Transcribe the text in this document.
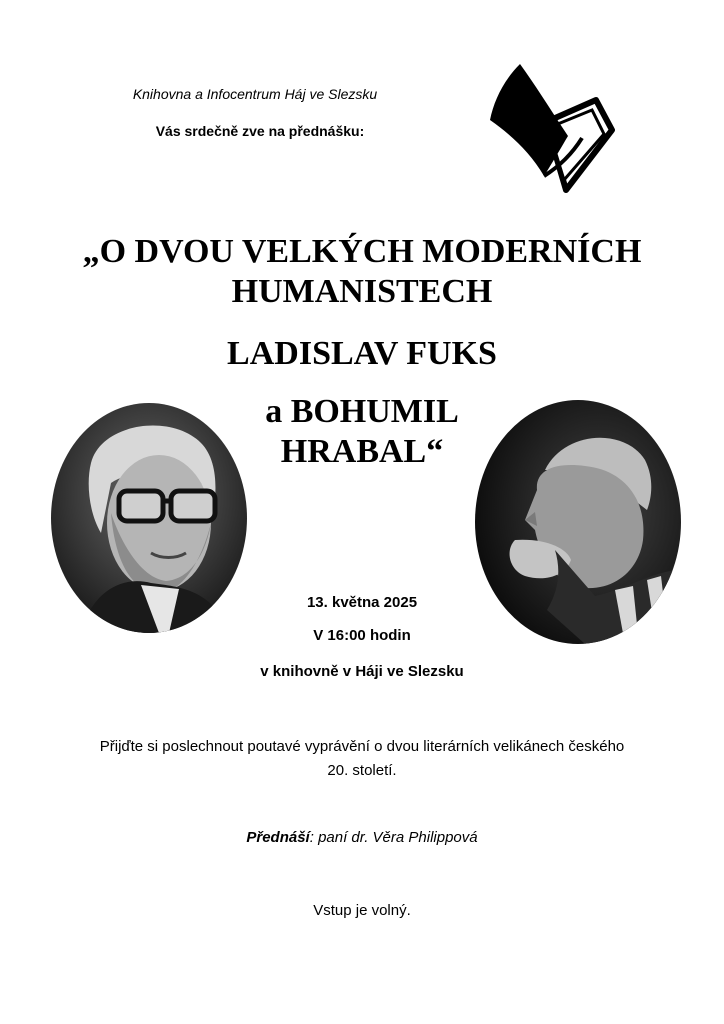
Knihovna a Infocentrum Háj ve Slezsku
Vás srdečně zve na přednášku:
„O DVOU VELKÝCH MODERNÍCH
HUMANISTECH
LADISLAV FUKS
a BOHUMIL
HRABAL“
13. května 2025
V 16:00 hodin
v knihovně v Háji ve Slezsku
Přijďte si poslechnout poutavé vyprávění o dvou literárních velikánech českého
20. století.
Přednáší: paní dr. Věra Philippová
Vstup je volný.
